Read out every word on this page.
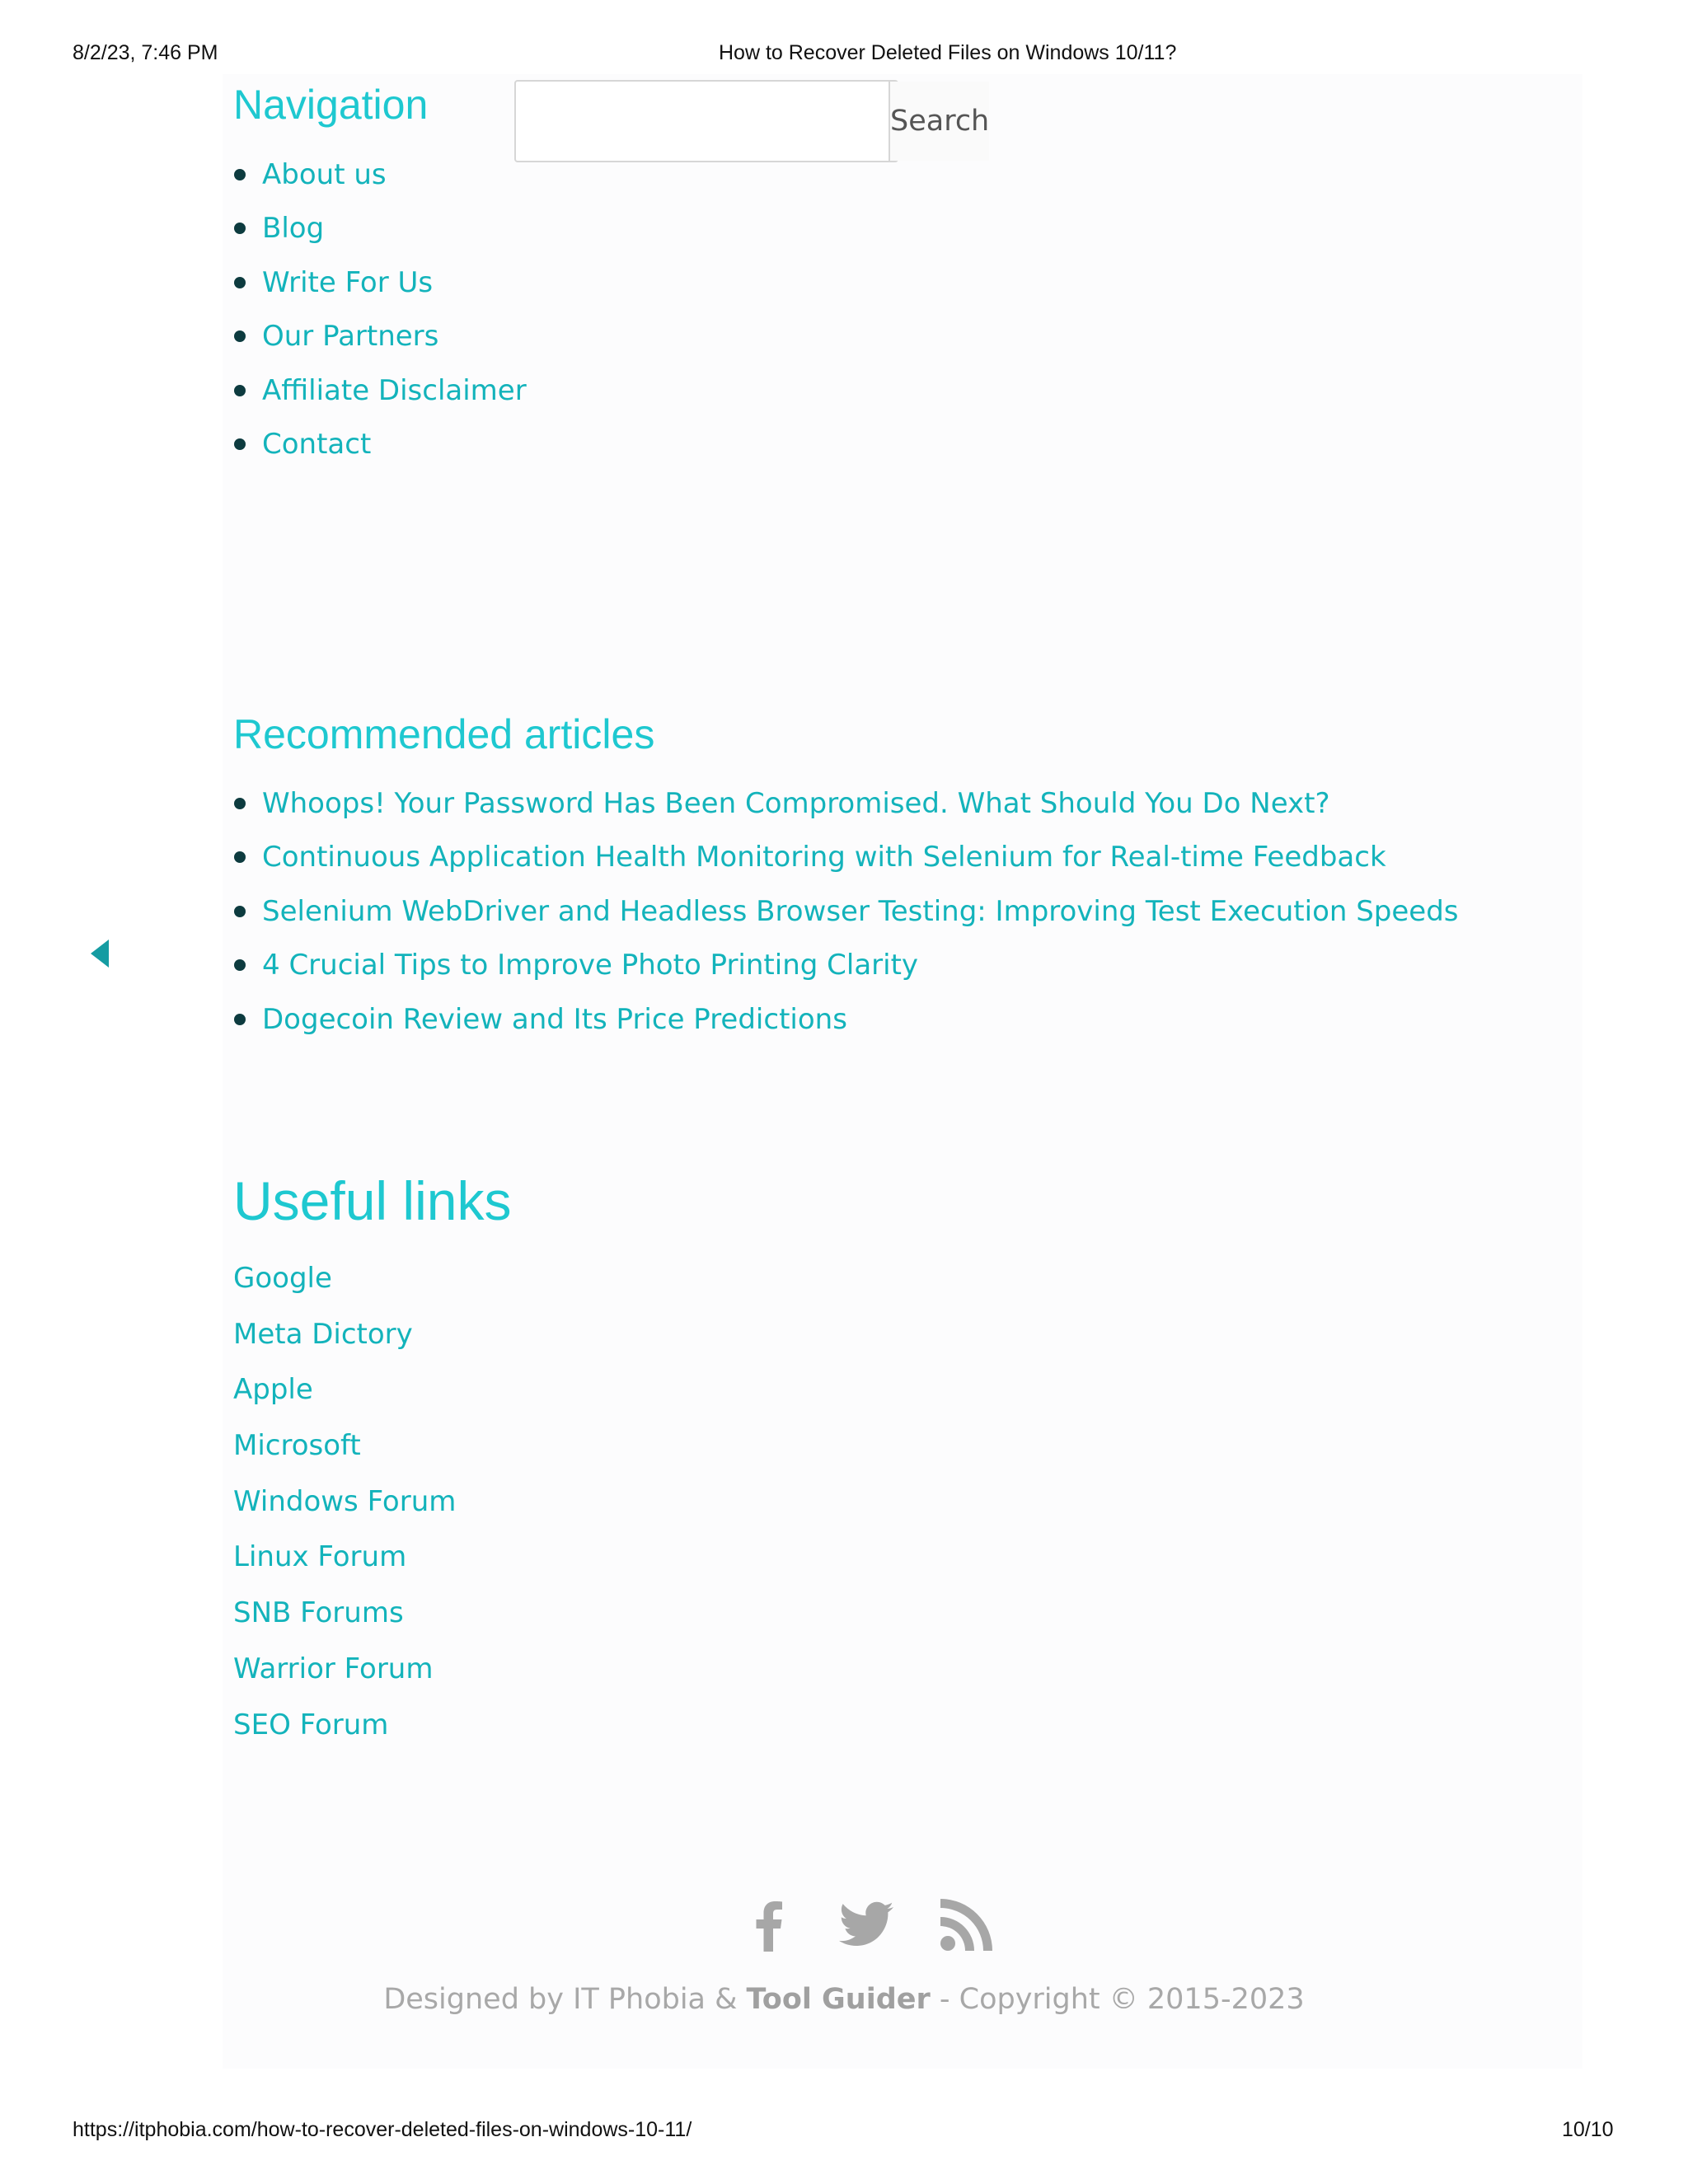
8/2/23, 7:46 PM	How to Recover Deleted Files on Windows 10/11?
Navigation
About us
Blog
Write For Us
Our Partners
Affiliate Disclaimer
Contact
Search
Recommended articles
Whoops! Your Password Has Been Compromised. What Should You Do Next?
Continuous Application Health Monitoring with Selenium for Real-time Feedback
Selenium WebDriver and Headless Browser Testing: Improving Test Execution Speeds
4 Crucial Tips to Improve Photo Printing Clarity
Dogecoin Review and Its Price Predictions
Useful links
Google
Meta Dictory
Apple
Microsoft
Windows Forum
Linux Forum
SNB Forums
Warrior Forum
SEO Forum
Designed by IT Phobia & Tool Guider - Copyright © 2015-2023
https://itphobia.com/how-to-recover-deleted-files-on-windows-10-11/	10/10
